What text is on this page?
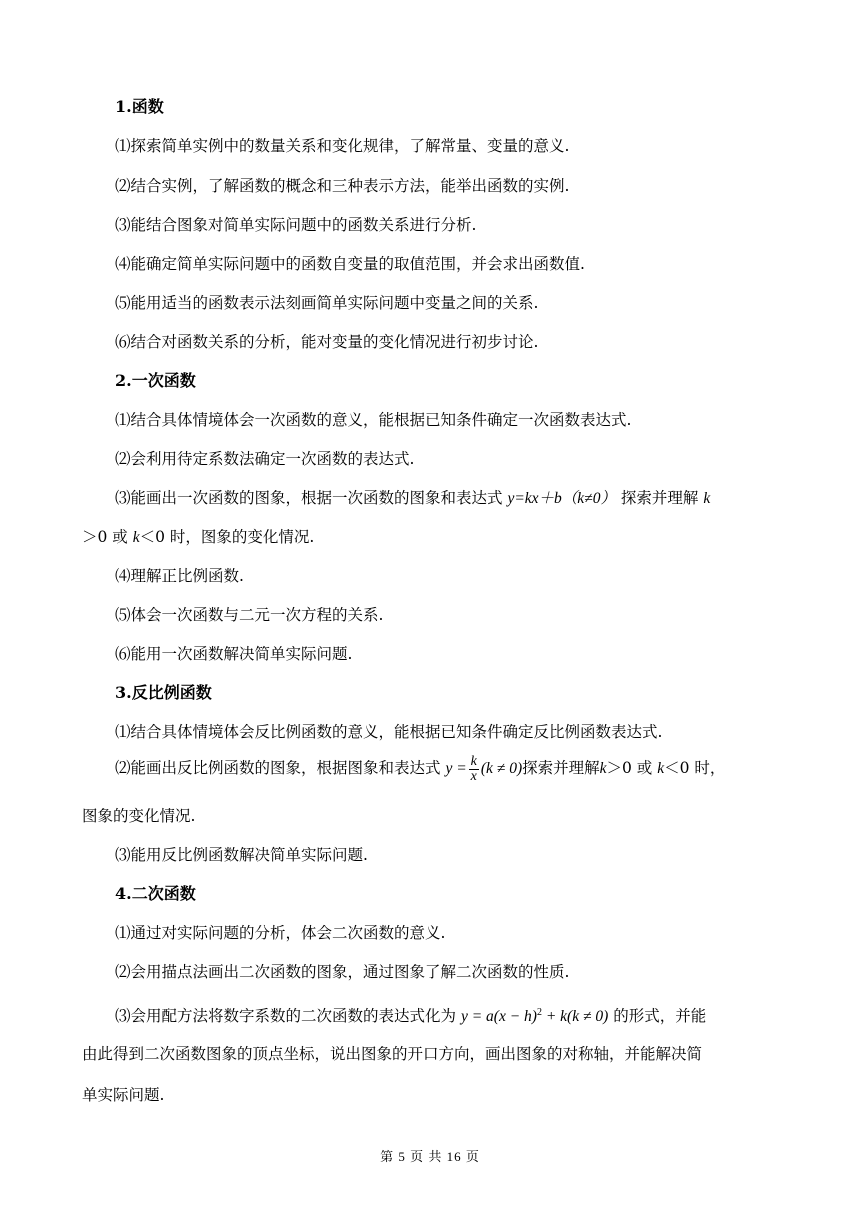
1.函数
⑴探索简单实例中的数量关系和变化规律，了解常量、变量的意义.
⑵结合实例，了解函数的概念和三种表示方法，能举出函数的实例.
⑶能结合图象对简单实际问题中的函数关系进行分析.
⑷能确定简单实际问题中的函数自变量的取值范围，并会求出函数值.
⑸能用适当的函数表示法刻画简单实际问题中变量之间的关系.
⑹结合对函数关系的分析，能对变量的变化情况进行初步讨论.
2.一次函数
⑴结合具体情境体会一次函数的意义，能根据已知条件确定一次函数表达式.
⑵会利用待定系数法确定一次函数的表达式.
⑶能画出一次函数的图象，根据一次函数的图象和表达式 y=kx＋b（k≠0） 探索并理解 k
＞0 或 k＜0 时，图象的变化情况.
⑷理解正比例函数.
⑸体会一次函数与二元一次方程的关系.
⑹能用一次函数解决简单实际问题.
3.反比例函数
⑴结合具体情境体会反比例函数的意义，能根据已知条件确定反比例函数表达式.
⑵能画出反比例函数的图象，根据图象和表达式 $y = \frac{k}{x} (k \ne 0)$探索并理解k＞0 或 k＜0 时，
图象的变化情况.
⑶能用反比例函数解决简单实际问题.
4.二次函数
⑴通过对实际问题的分析，体会二次函数的意义.
⑵会用描点法画出二次函数的图象，通过图象了解二次函数的性质.
⑶会用配方法将数字系数的二次函数的表达式化为 $y = a(x - h)^2 + k(k \ne 0)$ 的形式，并能
由此得到二次函数图象的顶点坐标，说出图象的开口方向，画出图象的对称轴，并能解决简
单实际问题.
第 5 页 共 16 页
